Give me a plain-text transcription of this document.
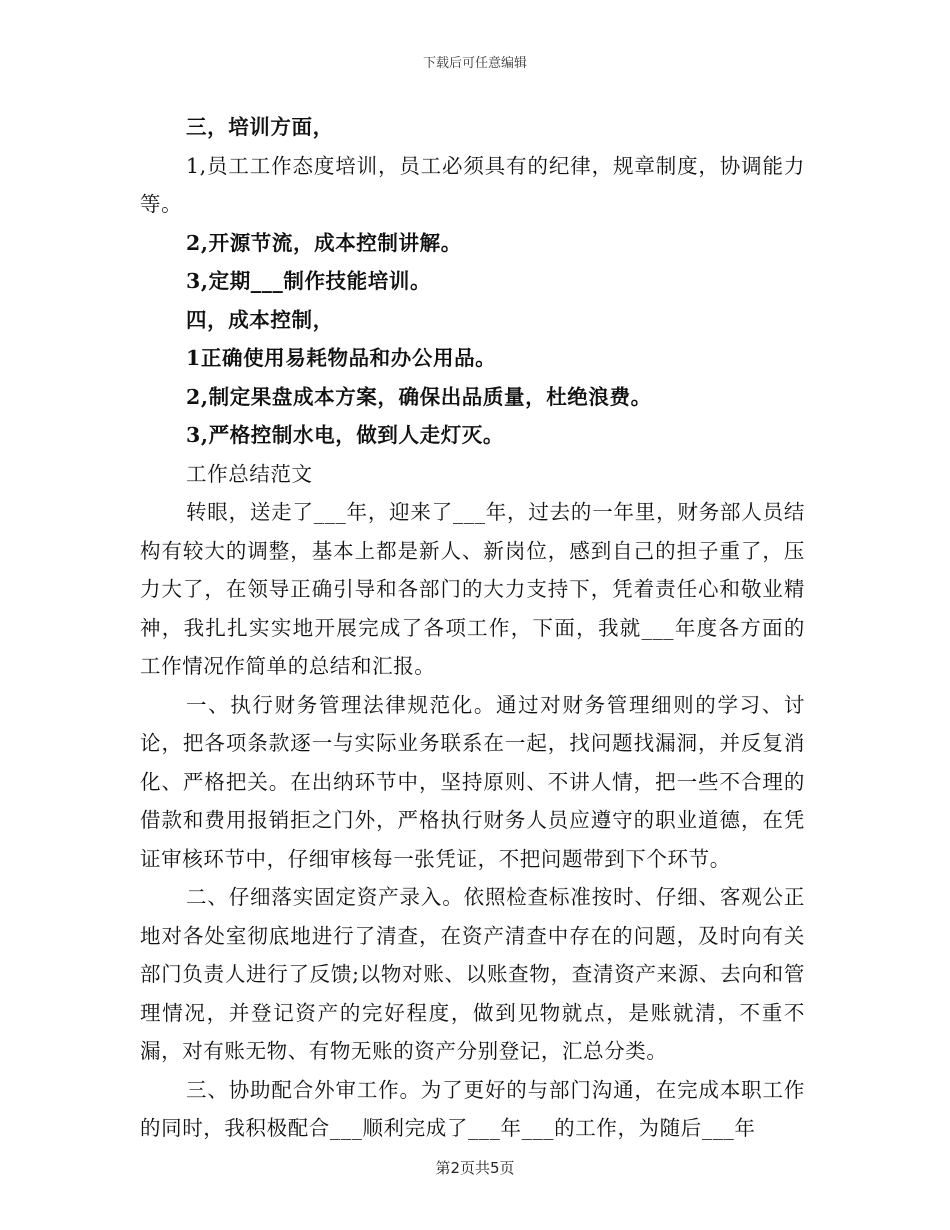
下载后可任意编辑

三，培训方面，

1,员工工作态度培训，员工必须具有的纪律，规章制度，协调能力等。

2,开源节流，成本控制讲解。

3,定期___制作技能培训。

四，成本控制，

1正确使用易耗物品和办公用品。

2,制定果盘成本方案，确保出品质量，杜绝浪费。

3,严格控制水电，做到人走灯灭。

工作总结范文

转眼，送走了___年，迎来了___年，过去的一年里，财务部人员结构有较大的调整，基本上都是新人、新岗位，感到自己的担子重了，压力大了，在领导正确引导和各部门的大力支持下，凭着责任心和敬业精神，我扎扎实实地开展完成了各项工作，下面，我就___年度各方面的工作情况作简单的总结和汇报。

一、执行财务管理法律规范化。通过对财务管理细则的学习、讨论，把各项条款逐一与实际业务联系在一起，找问题找漏洞，并反复消化、严格把关。在出纳环节中，坚持原则、不讲人情，把一些不合理的借款和费用报销拒之门外，严格执行财务人员应遵守的职业道德，在凭证审核环节中，仔细审核每一张凭证，不把问题带到下个环节。

二、仔细落实固定资产录入。依照检查标准按时、仔细、客观公正地对各处室彻底地进行了清查，在资产清查中存在的问题，及时向有关部门负责人进行了反馈;以物对账、以账查物，查清资产来源、去向和管理情况，并登记资产的完好程度，做到见物就点，是账就清，不重不漏，对有账无物、有物无账的资产分别登记，汇总分类。

三、协助配合外审工作。为了更好的与部门沟通，在完成本职工作的同时，我积极配合___顺利完成了___年___的工作，为随后___年

第2页共5页
